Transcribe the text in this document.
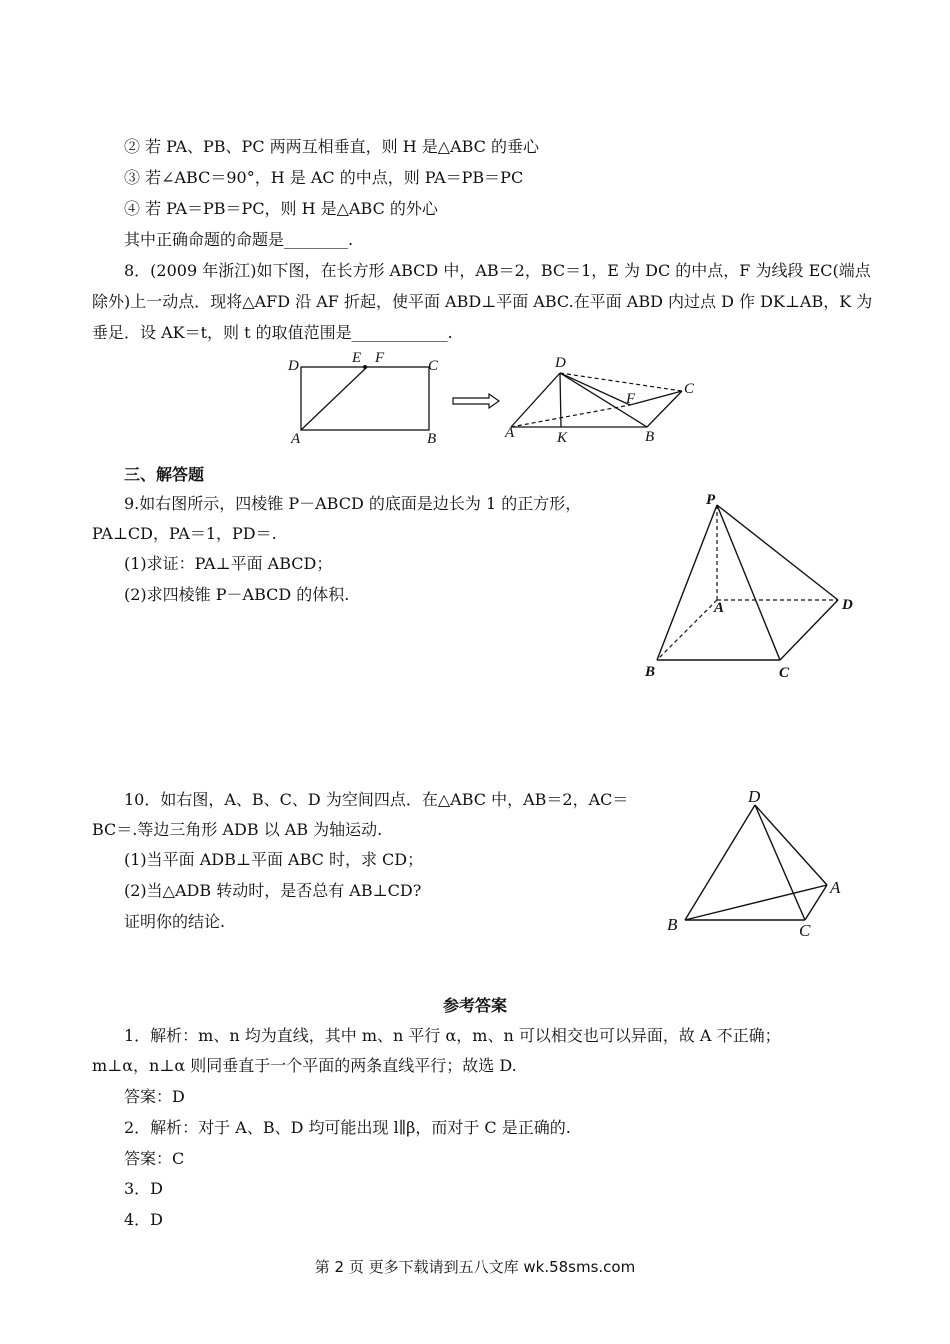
② 若 PA、PB、PC 两两互相垂直，则 H 是△ABC 的垂心
③ 若∠ABC＝90°，H 是 AC 的中点，则 PA＝PB＝PC
④ 若 PA＝PB＝PC，则 H 是△ABC 的外心
其中正确命题的命题是________.
8．(2009 年浙江)如下图，在长方形 ABCD 中，AB＝2，BC＝1，E 为 DC 的中点，F 为线段 EC(端点
除外)上一动点．现将△AFD 沿 AF 折起，使平面 ABD⊥平面 ABC.在平面 ABD 内过点 D 作 DK⊥AB，K 为
垂足．设 AK＝t，则 t 的取值范围是____________.
D	E F	C
A	B
D
C
F
A	K	B
三、解答题
9.如右图所示，四棱锥 P－ABCD 的底面是边长为 1 的正方形，
PA⊥CD，PA＝1，PD＝.
(1)求证：PA⊥平面 ABCD；
(2)求四棱锥 P－ABCD 的体积.
P
A	D
B	C
10．如右图，A、B、C、D 为空间四点．在△ABC 中，AB＝2，AC＝
BC＝.等边三角形 ADB 以 AB 为轴运动.
(1)当平面 ADB⊥平面 ABC 时，求 CD；
(2)当△ADB 转动时，是否总有 AB⊥CD?
证明你的结论.
D
A
B	C
参考答案
1．解析：m、n 均为直线，其中 m、n 平行 α，m、n 可以相交也可以异面，故 A 不正确；
m⊥α，n⊥α 则同垂直于一个平面的两条直线平行；故选 D.
答案：D
2．解析：对于 A、B、D 均可能出现 l∥β，而对于 C 是正确的.
答案：C
3．D
4．D
第 2 页 更多下载请到五八文库 wk.58sms.com
